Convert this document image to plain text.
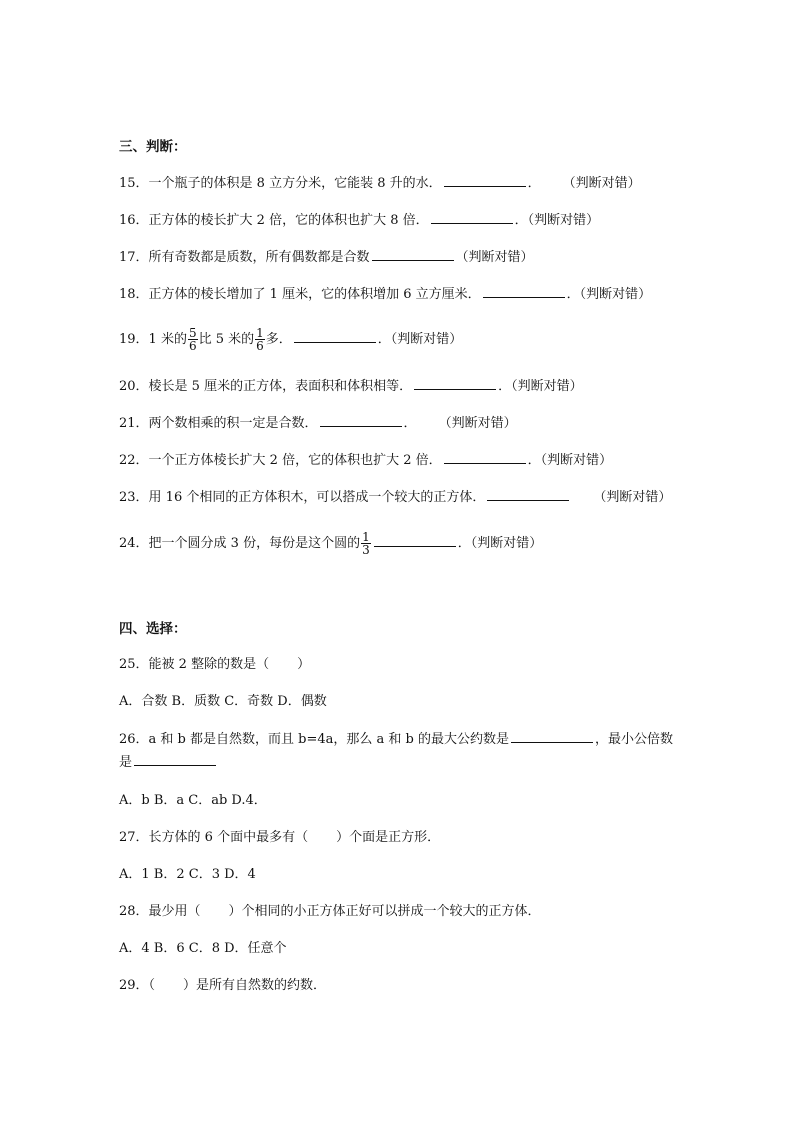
三、判断：
15．一个瓶子的体积是 8 立方分米，它能装 8 升的水．	． （判断对错）
16．正方体的棱长扩大 2 倍，它的体积也扩大 8 倍．	．（判断对错）
17．所有奇数都是质数，所有偶数都是合数	（判断对错）
18．正方体的棱长增加了 1 厘米，它的体积增加 6 立方厘米．	．（判断对错）
19．1 米的 $\frac{5}{6}$ 比 5 米的 $\frac{1}{6}$ 多．	．（判断对错）
20．棱长是 5 厘米的正方体，表面积和体积相等．	．（判断对错）
21．两个数相乘的积一定是合数．	． （判断对错）
22．一个正方体棱长扩大 2 倍，它的体积也扩大 2 倍．	．（判断对错）
23．用 16 个相同的正方体积木，可以搭成一个较大的正方体．	（判断对错）
24．把一个圆分成 3 份，每份是这个圆的 $\frac{1}{3}$	．（判断对错）
四、选择：
25．能被 2 整除的数是（ ）
A．合数 B．质数 C．奇数 D．偶数
26．a 和 b 都是自然数，而且 b=4a，那么 a 和 b 的最大公约数是	，最小公倍数
是
A．b B．a C．ab D.4．
27．长方体的 6 个面中最多有（ ）个面是正方形．
A．1 B．2 C．3 D．4
28．最少用（ ）个相同的小正方体正好可以拼成一个较大的正方体．
A．4 B．6 C．8 D．任意个
29．（ ）是所有自然数的约数．
